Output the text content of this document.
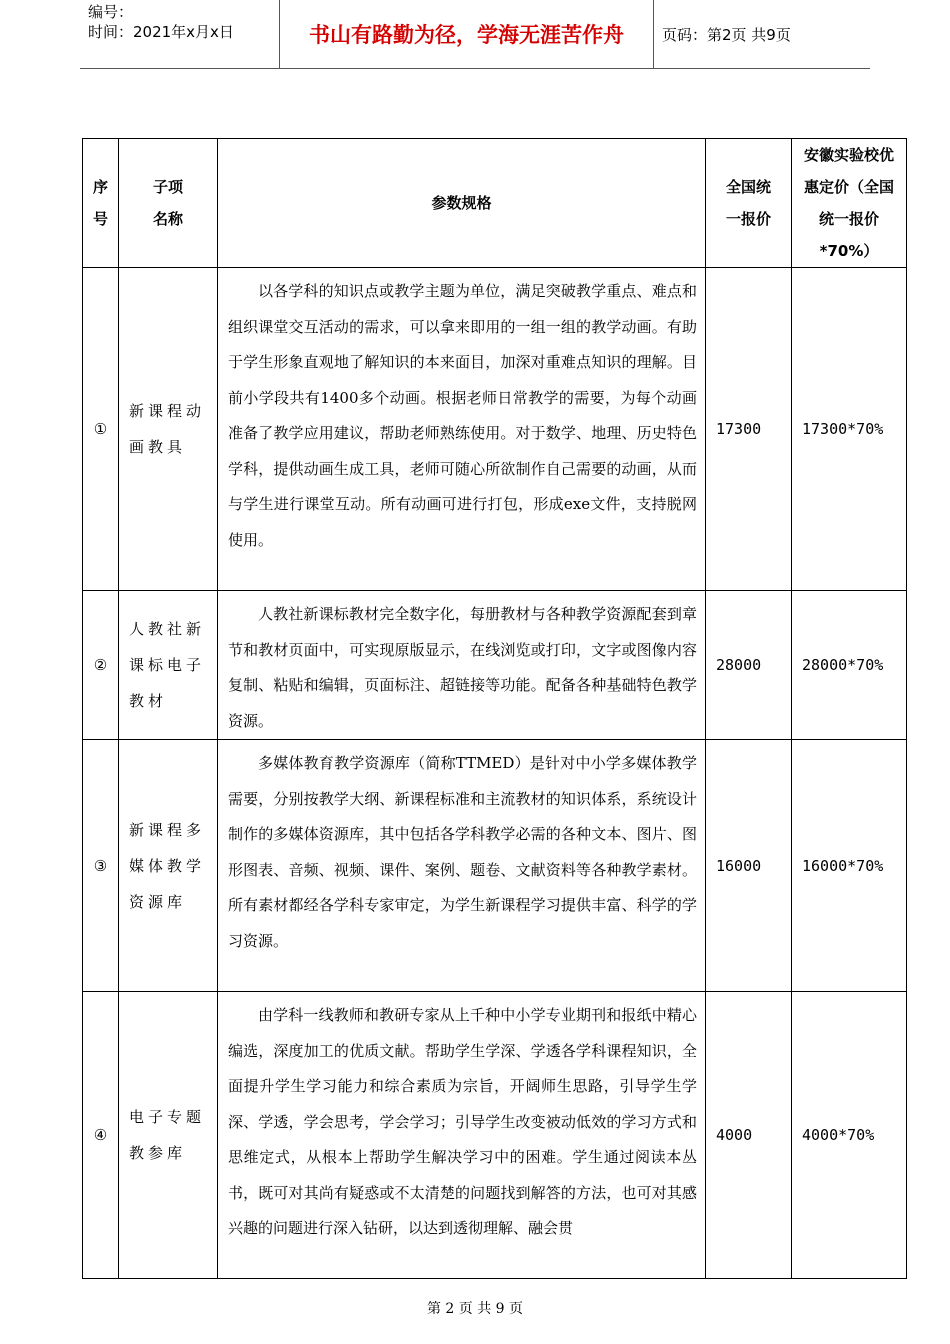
编号：
时间：2021年x月x日	书山有路勤为径，学海无涯苦作舟	页码：第2页 共9页
序号	子项名称	参数规格	全国统一报价	安徽实验校优惠定价（全国统一报价*70%）

①	新课程动画教具	以各学科的知识点或教学主题为单位，满足突破教学重点、难点和组织课堂交互活动的需求，可以拿来即用的一组一组的教学动画。有助于学生形象直观地了解知识的本来面目，加深对重难点知识的理解。目前小学段共有1400多个动画。根据老师日常教学的需要，为每个动画准备了教学应用建议，帮助老师熟练使用。对于数学、地理、历史特色学科，提供动画生成工具，老师可随心所欲制作自己需要的动画，从而与学生进行课堂互动。所有动画可进行打包，形成exe文件，支持脱网使用。	17300	17300*70%
②	人教社新课标电子教材	人教社新课标教材完全数字化，每册教材与各种教学资源配套到章节和教材页面中，可实现原版显示，在线浏览或打印，文字或图像内容复制、粘贴和编辑，页面标注、超链接等功能。配备各种基础特色教学资源。	28000	28000*70%
③	新课程多媒体教学资源库	多媒体教育教学资源库（简称TTMED）是针对中小学多媒体教学需要，分别按教学大纲、新课程标准和主流教材的知识体系，系统设计制作的多媒体资源库，其中包括各学科教学必需的各种文本、图片、图形图表、音频、视频、课件、案例、题卷、文献资料等各种教学素材。所有素材都经各学科专家审定，为学生新课程学习提供丰富、科学的学习资源。	16000	16000*70%
④	电子专题教参库	由学科一线教师和教研专家从上千种中小学专业期刊和报纸中精心编选，深度加工的优质文献。帮助学生学深、学透各学科课程知识，全面提升学生学习能力和综合素质为宗旨，开阔师生思路，引导学生学深、学透，学会思考，学会学习；引导学生改变被动低效的学习方式和思维定式，从根本上帮助学生解决学习中的困难。学生通过阅读本丛书，既可对其尚有疑惑或不太清楚的问题找到解答的方法，也可对其感兴趣的问题进行深入钻研，以达到透彻理解、融会贯	4000	4000*70%
第 2 页 共 9 页
